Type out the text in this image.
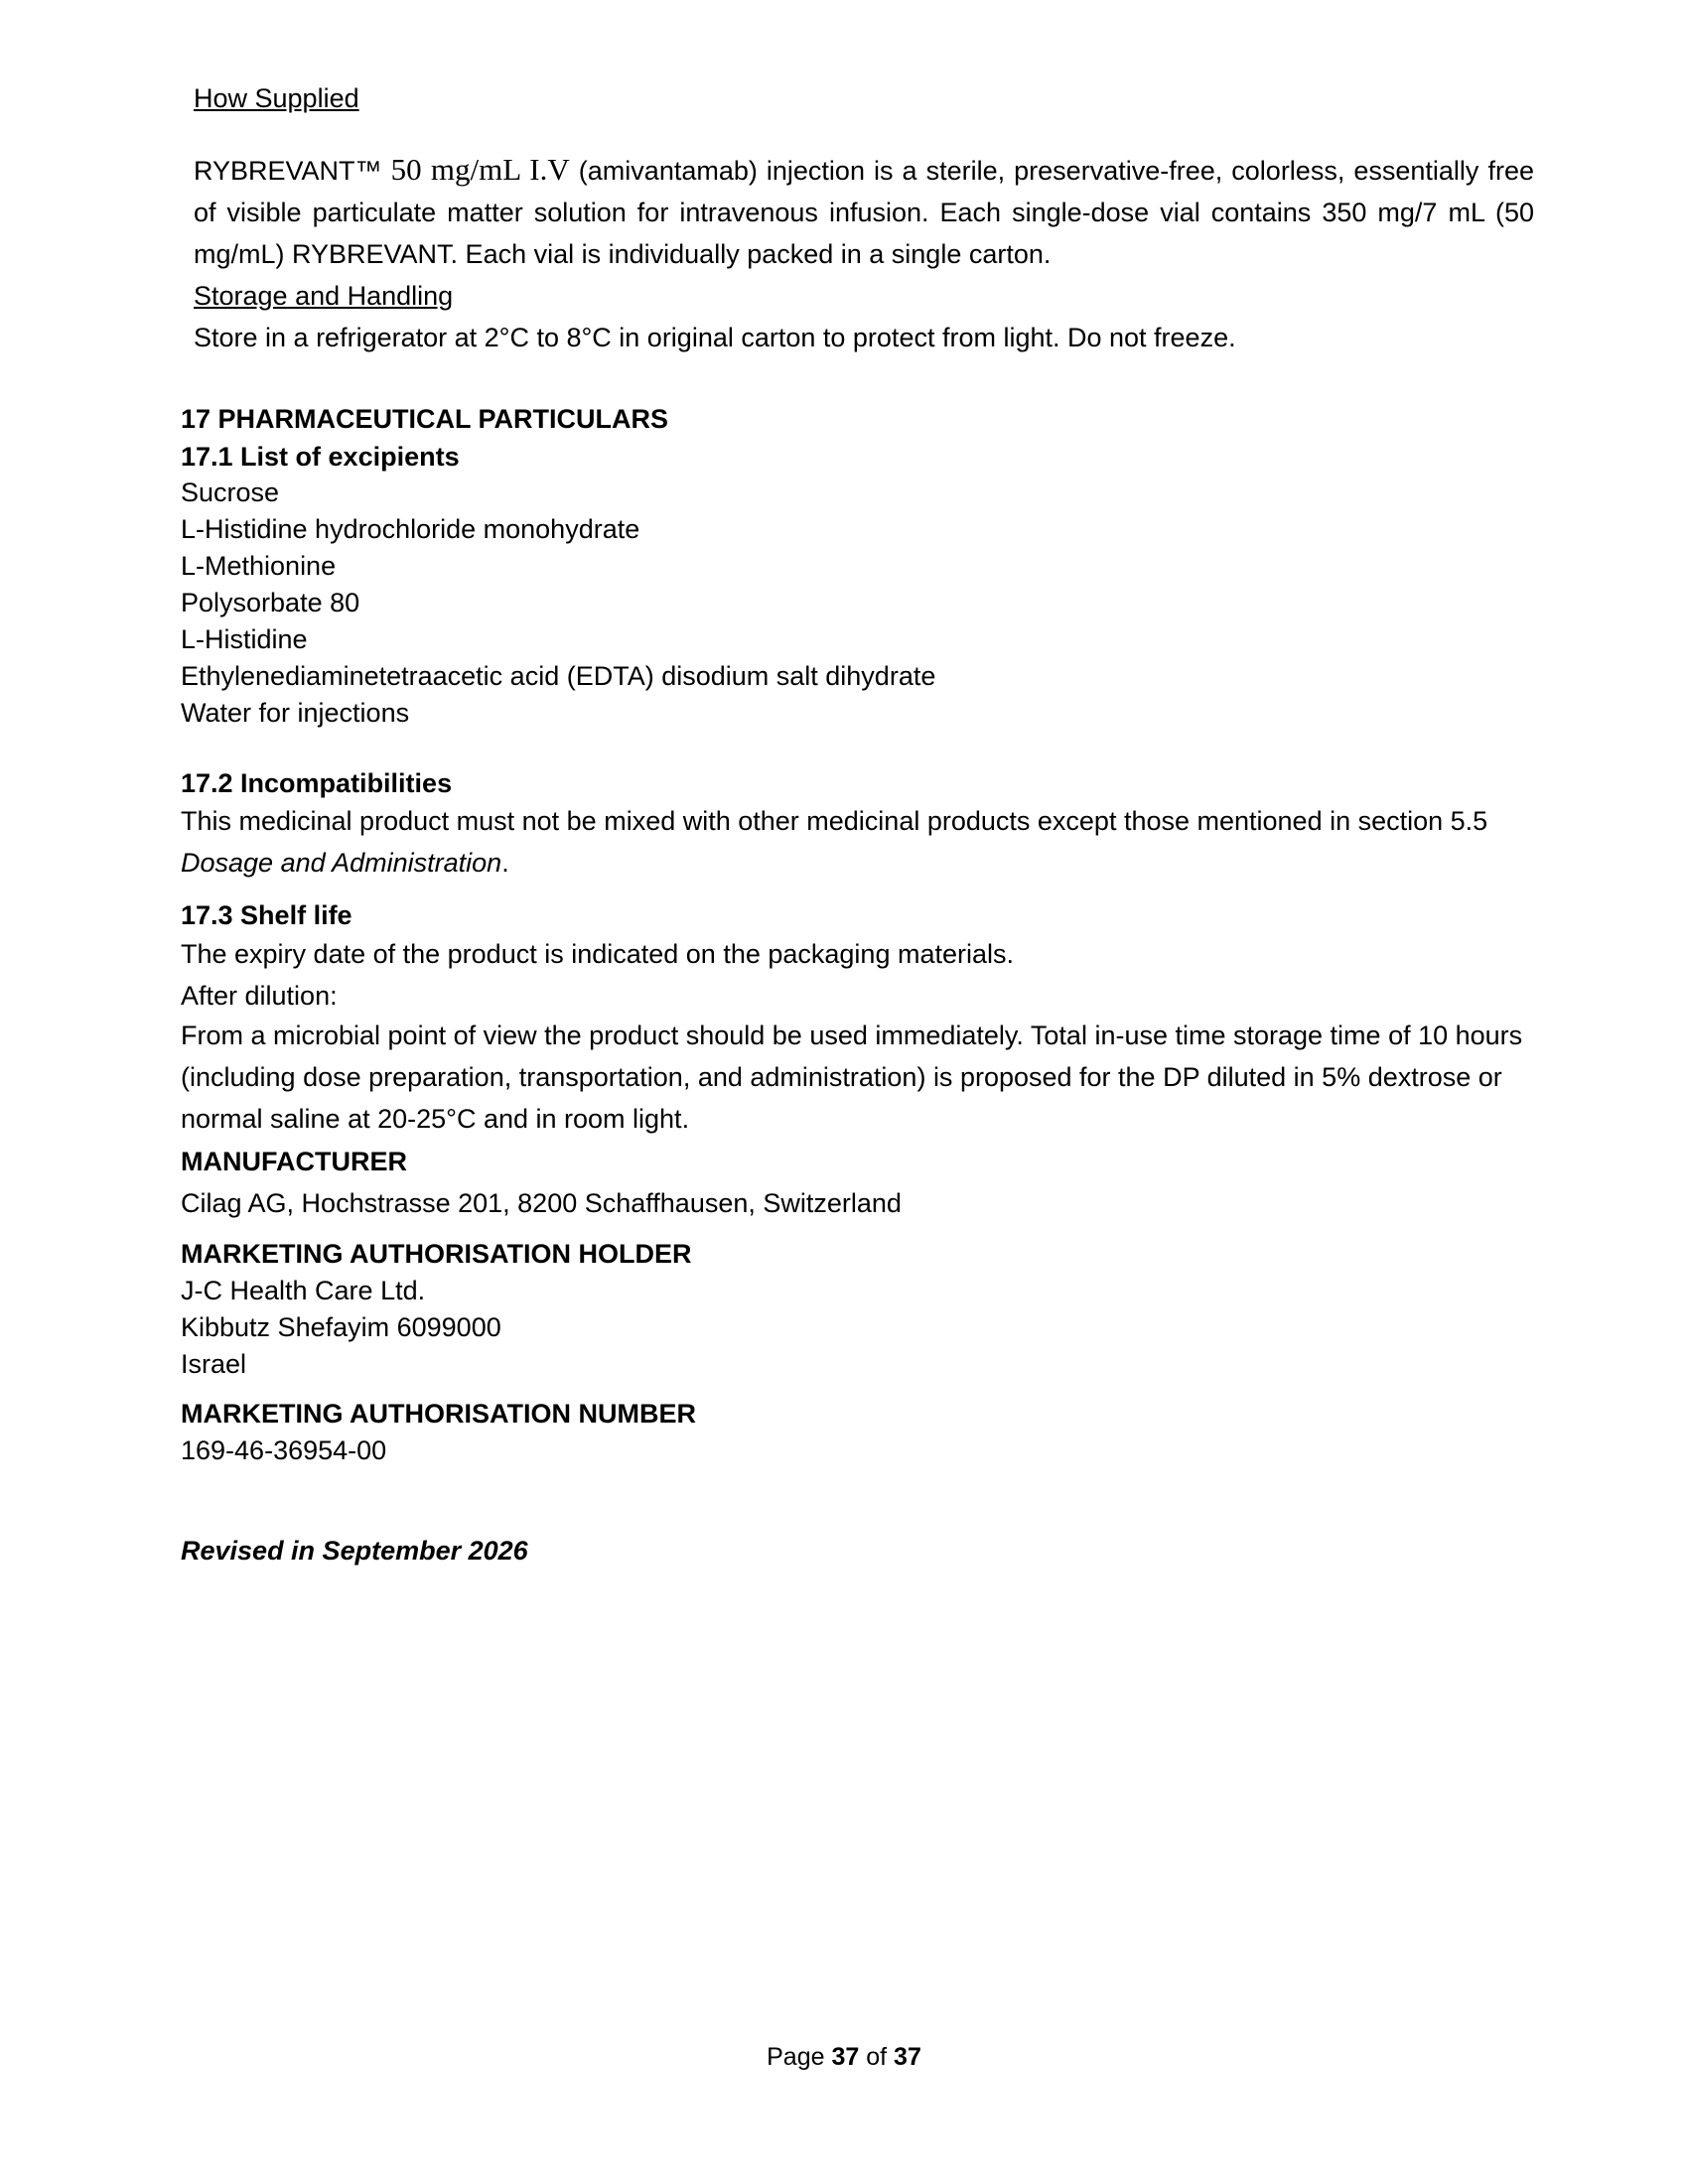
How Supplied
RYBREVANT™ 50 mg/mL I.V (amivantamab) injection is a sterile, preservative-free, colorless, essentially free of visible particulate matter solution for intravenous infusion. Each single-dose vial contains 350 mg/7 mL (50 mg/mL) RYBREVANT. Each vial is individually packed in a single carton.
Storage and Handling
Store in a refrigerator at 2°C to 8°C in original carton to protect from light. Do not freeze.
17 PHARMACEUTICAL PARTICULARS
17.1 List of excipients
Sucrose
L-Histidine hydrochloride monohydrate
L-Methionine
Polysorbate 80
L-Histidine
Ethylenediaminetetraacetic acid (EDTA) disodium salt dihydrate
Water for injections
17.2 Incompatibilities
This medicinal product must not be mixed with other medicinal products except those mentioned in section 5.5 Dosage and Administration.
17.3 Shelf life
The expiry date of the product is indicated on the packaging materials.
After dilution:
From a microbial point of view the product should be used immediately. Total in-use time storage time of 10 hours (including dose preparation, transportation, and administration) is proposed for the DP diluted in 5% dextrose or normal saline at 20-25°C and in room light.
MANUFACTURER
Cilag AG, Hochstrasse 201, 8200 Schaffhausen, Switzerland
MARKETING AUTHORISATION HOLDER
J-C Health Care Ltd.
Kibbutz Shefayim 6099000
Israel
MARKETING AUTHORISATION NUMBER
169-46-36954-00
Revised in September 2026
Page 37 of 37
